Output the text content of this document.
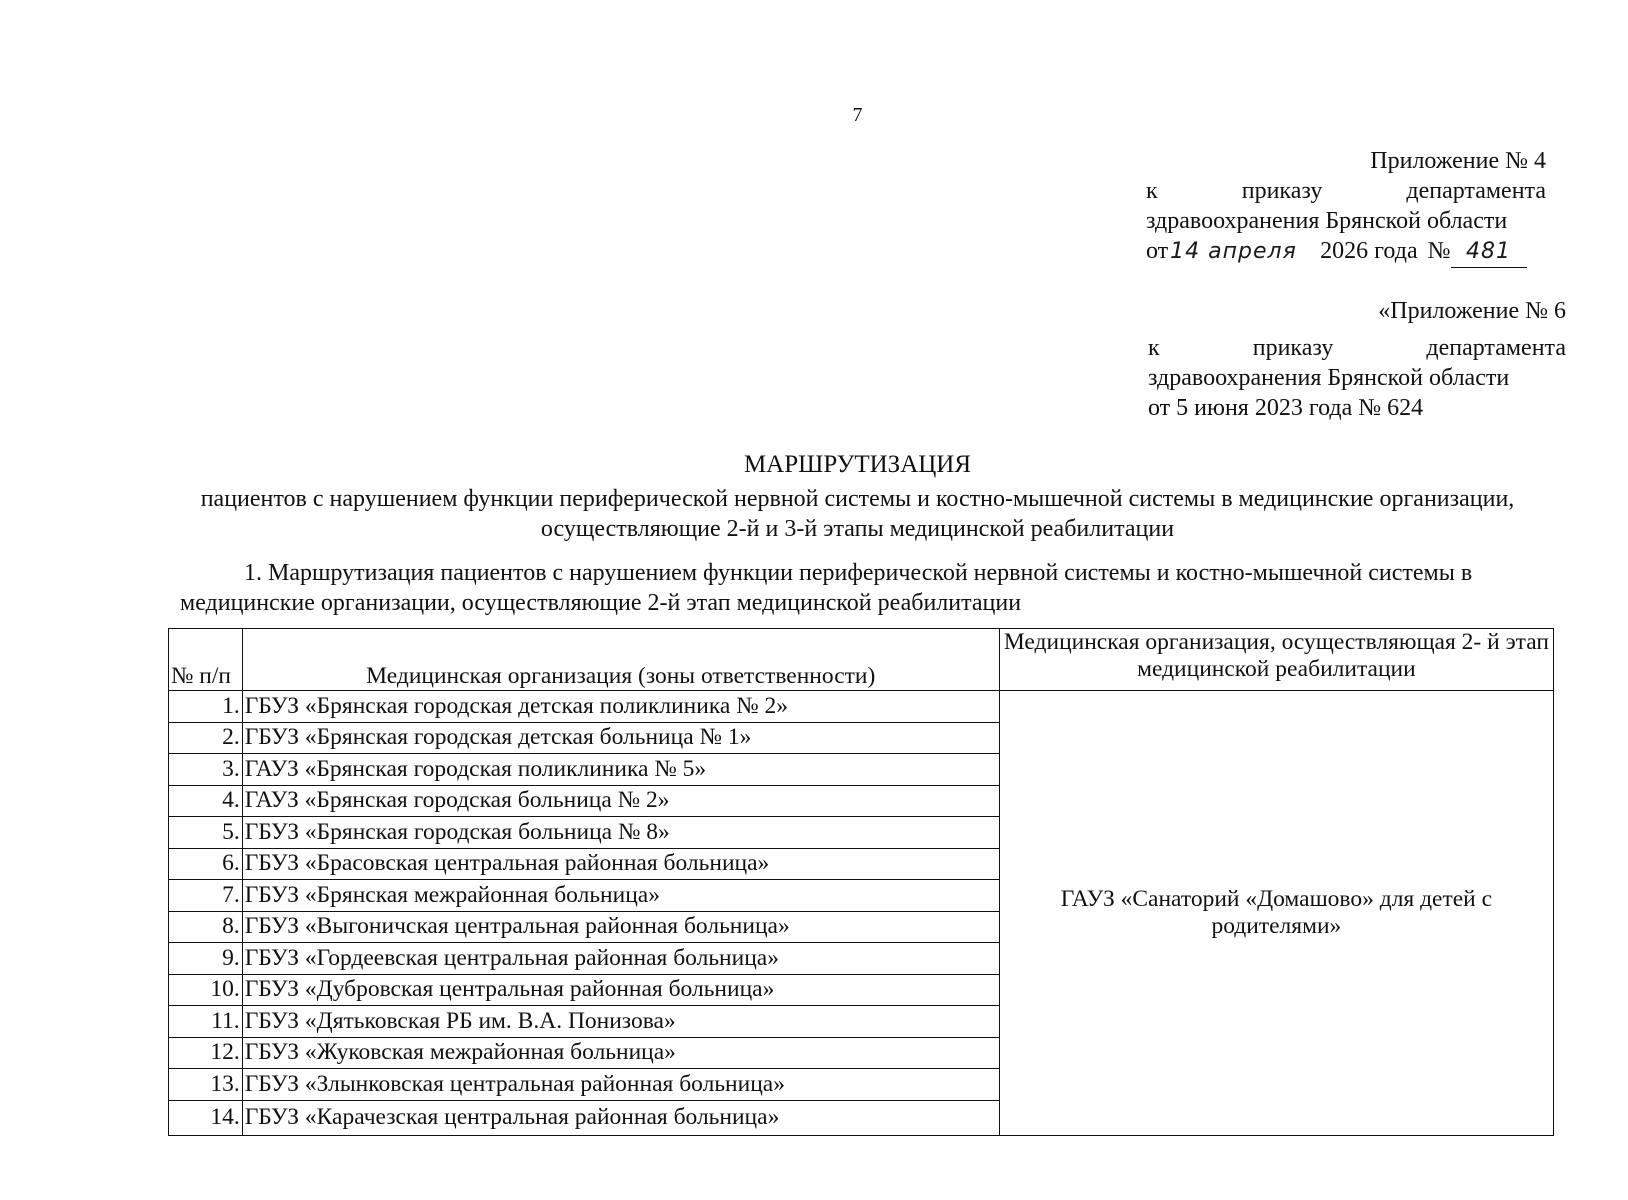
7
Приложение № 4
к	приказу	департамента
здравоохранения Брянской области
от 14 апреля 2026 года № 481
«Приложение № 6
к	приказу	департамента
здравоохранения Брянской области
от 5 июня 2023 года № 624
МАРШРУТИЗАЦИЯ
пациентов с нарушением функции периферической нервной системы и костно-мышечной системы в медицинские организации, осуществляющие 2-й и 3-й этапы медицинской реабилитации
1. Маршрутизация пациентов с нарушением функции периферической нервной системы и костно-мышечной системы в медицинские организации, осуществляющие 2-й этап медицинской реабилитации
№ п/п	Медицинская организация (зоны ответственности)	Медицинская организация, осуществляющая 2- й этап медицинской реабилитации
1.	ГБУЗ «Брянская городская детская поликлиника № 2»	ГАУЗ «Санаторий «Домашово» для детей с родителями»
2.	ГБУЗ «Брянская городская детская больница № 1»	
3.	ГАУЗ «Брянская городская поликлиника № 5»	
4.	ГАУЗ «Брянская городская больница № 2»	
5.	ГБУЗ «Брянская городская больница № 8»	
6.	ГБУЗ «Брасовская центральная районная больница»	
7.	ГБУЗ «Брянская межрайонная больница»	
8.	ГБУЗ «Выгоничская центральная районная больница»	
9.	ГБУЗ «Гордеевская центральная районная больница»	
10.	ГБУЗ «Дубровская центральная районная больница»	
11.	ГБУЗ «Дятьковская РБ им. В.А. Понизова»	
12.	ГБУЗ «Жуковская межрайонная больница»	
13.	ГБУЗ «Злынковская центральная районная больница»	
14.	ГБУЗ «Карачезская центральная районная больница»	
